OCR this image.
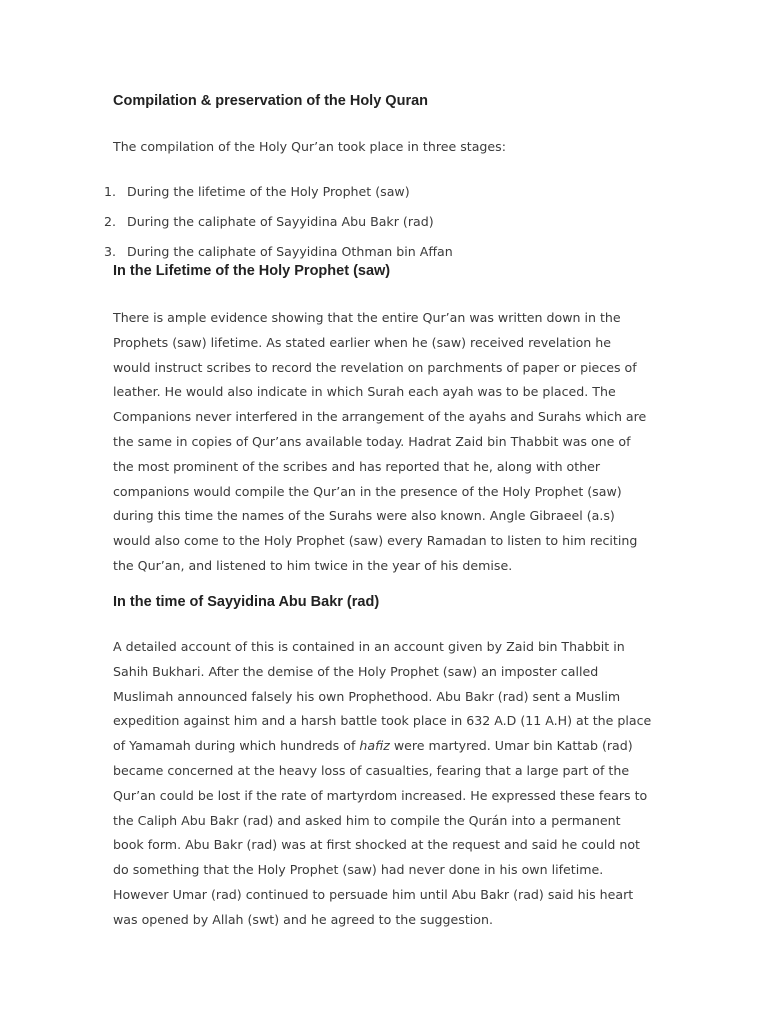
Compilation & preservation of the Holy Quran

The compilation of the Holy Qur’an took place in three stages:

1. During the lifetime of the Holy Prophet (saw)
2. During the caliphate of Sayyidina Abu Bakr (rad)
3. During the caliphate of Sayyidina Othman bin Affan
In the Lifetime of the Holy Prophet (saw)
There is ample evidence showing that the entire Qur’an was written down in the
Prophets (saw) lifetime. As stated earlier when he (saw) received revelation he
would instruct scribes to record the revelation on parchments of paper or pieces of
leather. He would also indicate in which Surah each ayah was to be placed. The
Companions never interfered in the arrangement of the ayahs and Surahs which are
the same in copies of Qur’ans available today. Hadrat Zaid bin Thabbit was one of
the most prominent of the scribes and has reported that he, along with other
companions would compile the Qur’an in the presence of the Holy Prophet (saw)
during this time the names of the Surahs were also known. Angle Gibraeel (a.s)
would also come to the Holy Prophet (saw) every Ramadan to listen to him reciting
the Qur’an, and listened to him twice in the year of his demise.
In the time of Sayyidina Abu Bakr (rad)
A detailed account of this is contained in an account given by Zaid bin Thabbit in
Sahih Bukhari. After the demise of the Holy Prophet (saw) an imposter called
Muslimah announced falsely his own Prophethood. Abu Bakr (rad) sent a Muslim
expedition against him and a harsh battle took place in 632 A.D (11 A.H) at the place
of Yamamah during which hundreds of hafiz were martyred. Umar bin Kattab (rad)
became concerned at the heavy loss of casualties, fearing that a large part of the
Qur’an could be lost if the rate of martyrdom increased. He expressed these fears to
the Caliph Abu Bakr (rad) and asked him to compile the Qurán into a permanent
book form. Abu Bakr (rad) was at first shocked at the request and said he could not
do something that the Holy Prophet (saw) had never done in his own lifetime.
However Umar (rad) continued to persuade him until Abu Bakr (rad) said his heart
was opened by Allah (swt) and he agreed to the suggestion.
